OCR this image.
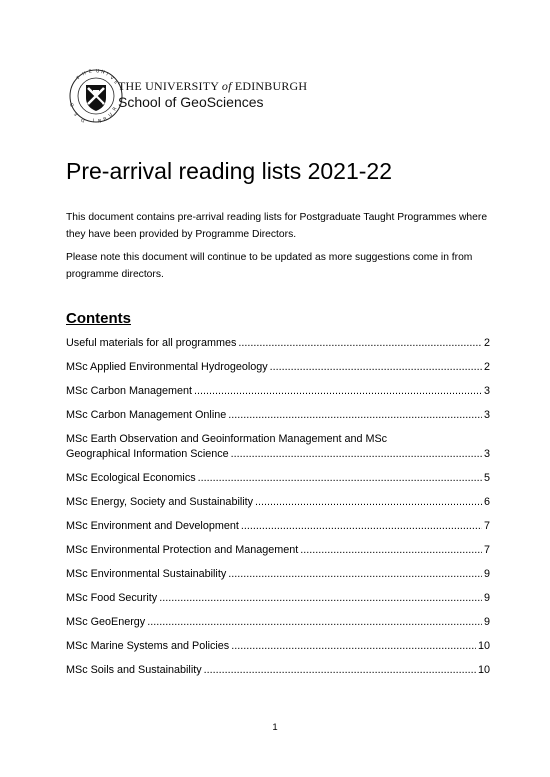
T
H E U N I
V
E
O
E
D I N B
U
R
THE UNIVERSITY of EDINBURGH
School of GeoSciences
Pre-arrival reading lists 2021-22

This document contains pre-arrival reading lists for Postgraduate Taught Programmes where they have been provided by Programme Directors.

Please note this document will continue to be updated as more suggestions come in from programme directors.

Contents
Useful materials for all programmes .....	2
MSc Applied Environmental Hydrogeology .....	2
MSc Carbon Management .....	3
MSc Carbon Management Online .....	3
MSc Earth Observation and Geoinformation Management and MSc
Geographical Information Science .....	3
MSc Ecological Economics .....	5
MSc Energy, Society and Sustainability .....	6
MSc Environment and Development .....	7
MSc Environmental Protection and Management .....	7
MSc Environmental Sustainability .....	9
MSc Food Security .....	9
MSc GeoEnergy .....	9
MSc Marine Systems and Policies .....	10
MSc Soils and Sustainability .....	10
1
